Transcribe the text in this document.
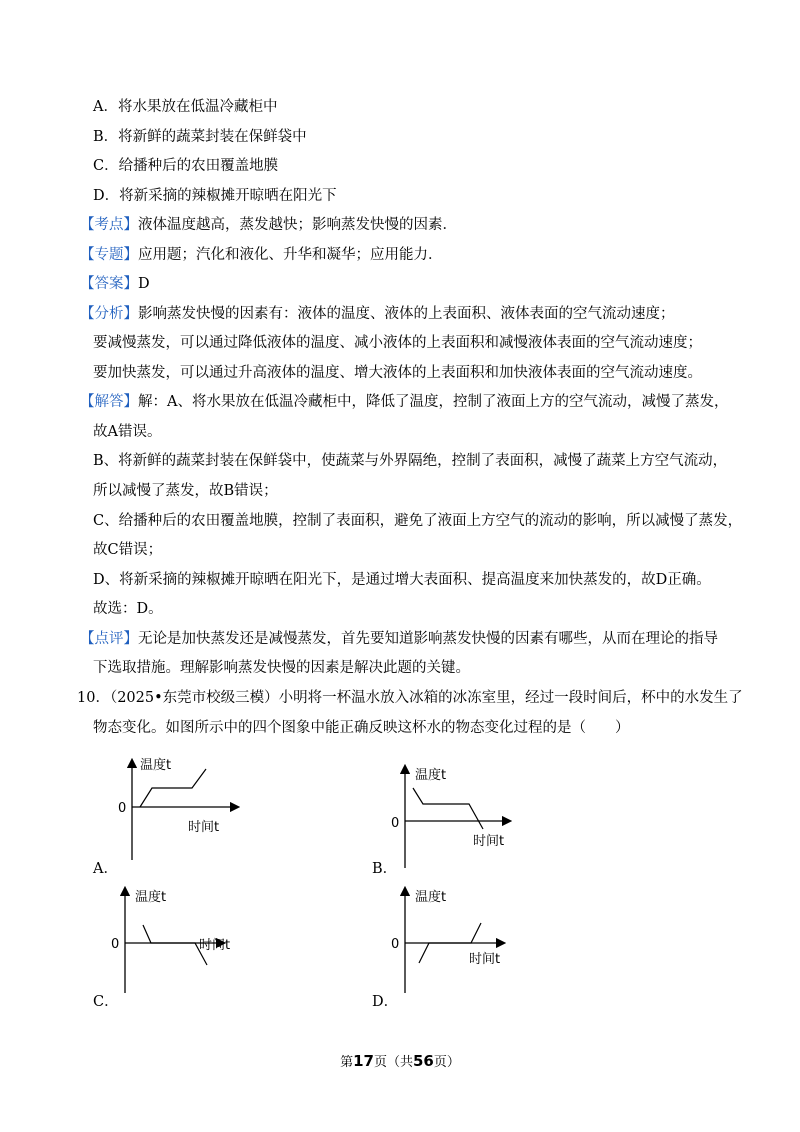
A．将水果放在低温冷藏柜中
B．将新鲜的蔬菜封装在保鲜袋中
C．给播种后的农田覆盖地膜
D．将新采摘的辣椒摊开晾晒在阳光下
【考点】液体温度越高，蒸发越快；影响蒸发快慢的因素．
【专题】应用题；汽化和液化、升华和凝华；应用能力．
【答案】D
【分析】影响蒸发快慢的因素有：液体的温度、液体的上表面积、液体表面的空气流动速度；
要减慢蒸发，可以通过降低液体的温度、减小液体的上表面积和减慢液体表面的空气流动速度；
要加快蒸发，可以通过升高液体的温度、增大液体的上表面积和加快液体表面的空气流动速度。
【解答】解：A、将水果放在低温冷藏柜中，降低了温度，控制了液面上方的空气流动，减慢了蒸发，
故A错误。
B、将新鲜的蔬菜封装在保鲜袋中，使蔬菜与外界隔绝，控制了表面积，减慢了蔬菜上方空气流动，
所以减慢了蒸发，故B错误；
C、给播种后的农田覆盖地膜，控制了表面积，避免了液面上方空气的流动的影响，所以减慢了蒸发，
故C错误；
D、将新采摘的辣椒摊开晾晒在阳光下，是通过增大表面积、提高温度来加快蒸发的，故D正确。
故选：D。
【点评】无论是加快蒸发还是减慢蒸发，首先要知道影响蒸发快慢的因素有哪些，从而在理论的指导
下选取措施。理解影响蒸发快慢的因素是解决此题的关键。
10．（2025•东莞市校级三模）小明将一杯温水放入冰箱的冰冻室里，经过一段时间后，杯中的水发生了
物态变化。如图所示中的四个图象中能正确反映这杯水的物态变化过程的是（　　）
温度t
时间t
0
A．
温度t
时间t
0
B．
温度t
时间t
0
C．
温度t
时间t
0
D．
第17页（共56页）
